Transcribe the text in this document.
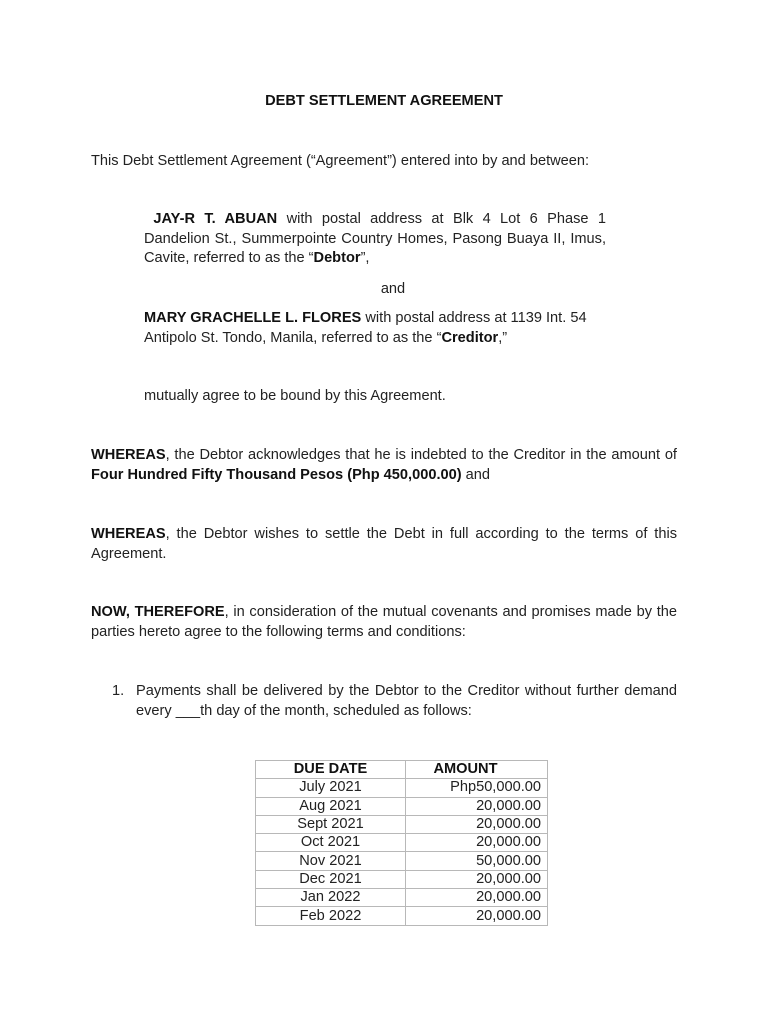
DEBT SETTLEMENT AGREEMENT
This Debt Settlement Agreement (“Agreement”) entered into by and between:
JAY-R T. ABUAN with postal address at Blk 4 Lot 6 Phase 1 Dandelion St., Summerpointe Country Homes, Pasong Buaya II, Imus, Cavite, referred to as the “Debtor”,
and
MARY GRACHELLE L. FLORES with postal address at 1139 Int. 54 Antipolo St. Tondo, Manila, referred to as the “Creditor,”
mutually agree to be bound by this Agreement.
WHEREAS, the Debtor acknowledges that he is indebted to the Creditor in the amount of Four Hundred Fifty Thousand Pesos (Php 450,000.00) and
WHEREAS, the Debtor wishes to settle the Debt in full according to the terms of this Agreement.
NOW, THEREFORE, in consideration of the mutual covenants and promises made by the parties hereto agree to the following terms and conditions:
1. Payments shall be delivered by the Debtor to the Creditor without further demand every ___th day of the month, scheduled as follows:
DUE DATE	AMOUNT
July 2021	Php50,000.00
Aug 2021	20,000.00
Sept 2021	20,000.00
Oct 2021	20,000.00
Nov 2021	50,000.00
Dec 2021	20,000.00
Jan 2022	20,000.00
Feb 2022	20,000.00
